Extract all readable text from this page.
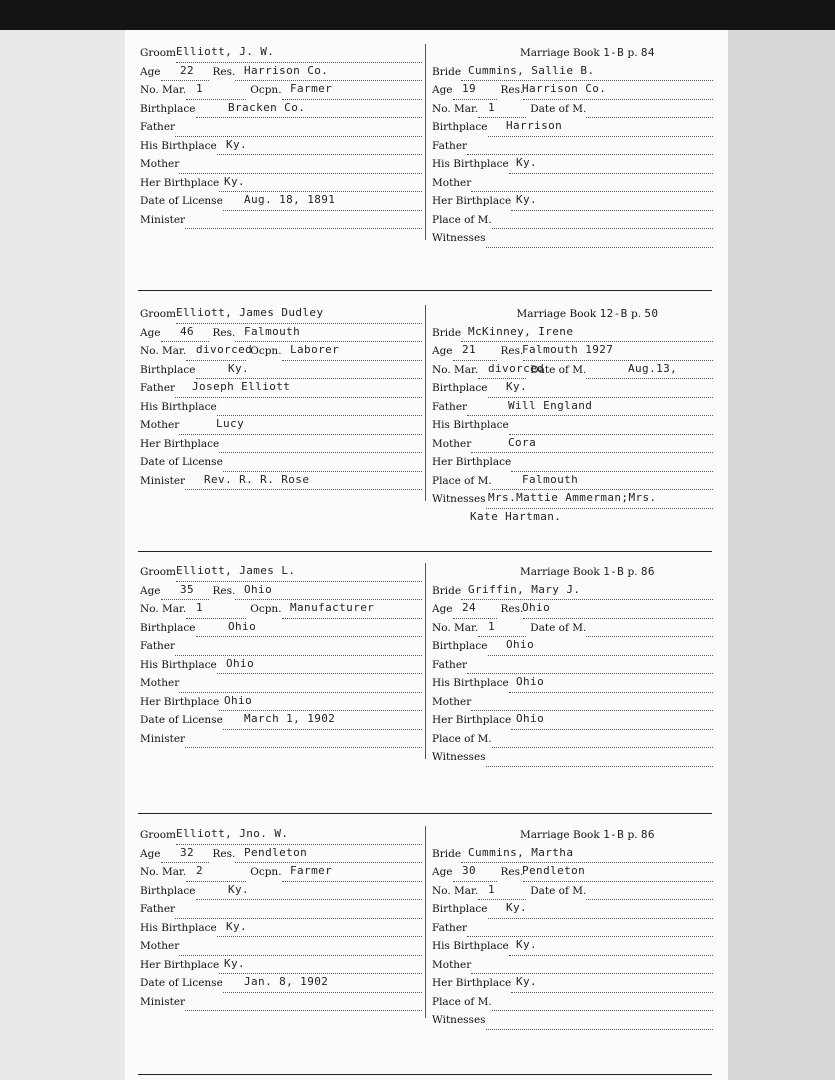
Groom Elliott, J. W.
Age	Res.
22	Harrison Co.
No. Mar.	Ocpn.
1	Farmer
Birthplace	Bracken Co.
Father
His Birthplace Ky.
Mother
Her Birthplace Ky.
Date of License Aug. 18, 1891
Minister
Marriage Book 1-B p. 84
Bride Cummins, Sallie B.
Age	Res.
19	Harrison Co.
No. Mar.	Date of M.
1
Birthplace Harrison
Father
His Birthplace Ky.
Mother
Her Birthplace Ky.
Place of M.
Witnesses
Groom Elliott, James Dudley
Age	Res.
46	Falmouth
No. Mar.	Ocpn.
divorced	Laborer
Birthplace	Ky.
Father Joseph Elliott
His Birthplace
Mother	Lucy
Her Birthplace
Date of License
Minister Rev. R. R. Rose
Marriage Book 12-B p. 50
Bride McKinney, Irene
Age	Res.
21	Falmouth 1927
No. Mar.	Date of M.
divorced	Aug.13,
Birthplace Ky.
Father	Will England
His Birthplace
Mother	Cora
Her Birthplace
Place of M.	Falmouth
Witnesses Mrs.Mattie Ammerman;Mrs.
Kate Hartman.
Groom Elliott, James L.
Age	Res.
35	Ohio
No. Mar.	Ocpn.
1	Manufacturer
Birthplace	Ohio
Father
His Birthplace Ohio
Mother
Her Birthplace Ohio
Date of License March 1, 1902
Minister
Marriage Book 1-B p. 86
Bride Griffin, Mary J.
Age	Res.
24	Ohio
No. Mar.	Date of M.
1
Birthplace Ohio
Father
His Birthplace Ohio
Mother
Her Birthplace Ohio
Place of M.
Witnesses
Groom Elliott, Jno. W.
Age	Res.
32	Pendleton
No. Mar.	Ocpn.
2	Farmer
Birthplace	Ky.
Father
His Birthplace Ky.
Mother
Her Birthplace Ky.
Date of License Jan. 8, 1902
Minister
Marriage Book 1-B p. 86
Bride Cummins, Martha
Age	Res.
30	Pendleton
No. Mar.	Date of M.
1
Birthplace Ky.
Father
His Birthplace Ky.
Mother
Her Birthplace Ky.
Place of M.
Witnesses
